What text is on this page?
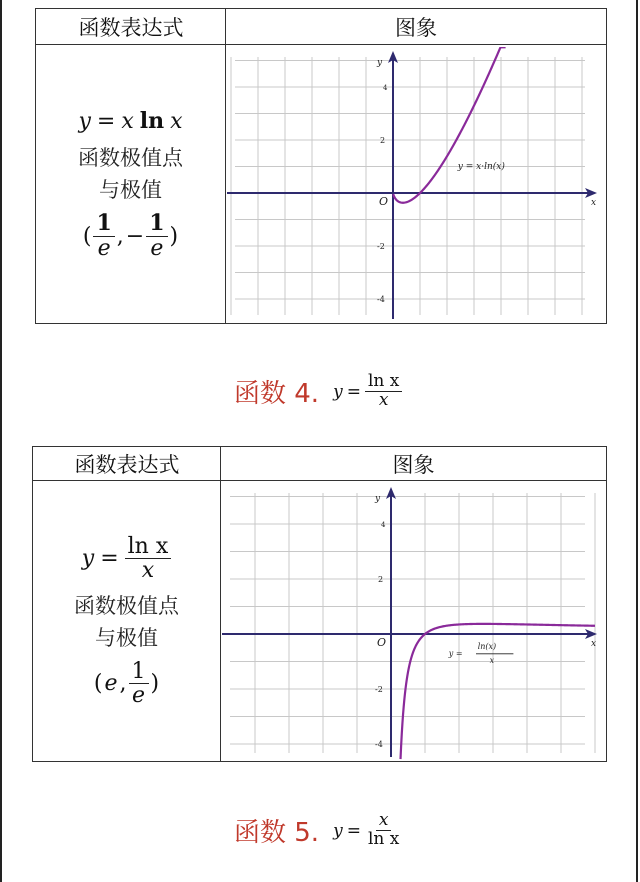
函数表达式	图象
y = x ln x
函数极值点
与极值
( $\frac{1}{e}$ , − $\frac{1}{e}$ )
2
-2
-4
4
O	x
y
y = x·ln(x)
函数 4. $y = \frac{\text{ln x}}{x}$
函数表达式	图象
$y = \frac{\text{ln x}}{x}$
函数极值点
与极值
( e , $\frac{1}{e}$ )
2
-2
-4
4
O	x
y
y =
ln(x)
x
函数 5. $y = \frac{x}{\text{ln x}}$
